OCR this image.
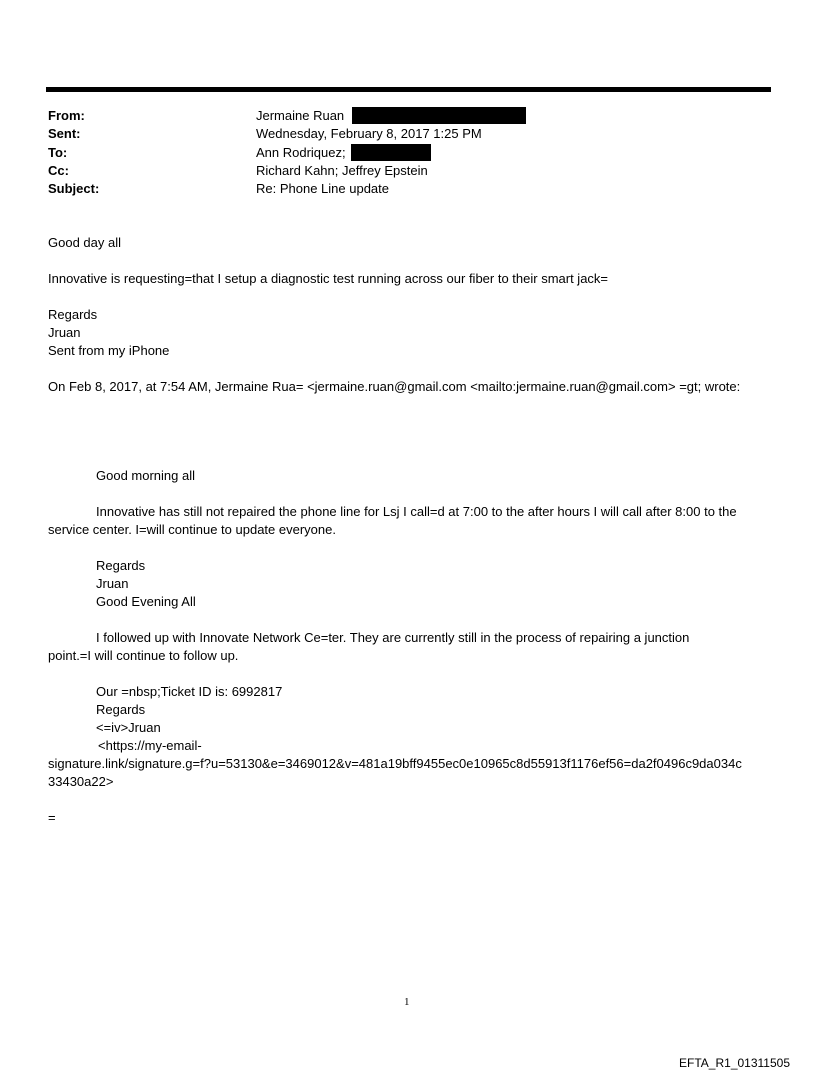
From:	Jermaine Ruan
Sent:	Wednesday, February 8, 2017 1:25 PM
To:	Ann Rodriquez;
Cc:	Richard Kahn; Jeffrey Epstein
Subject:	Re: Phone Line update
Good day all
Innovative is requesting=that I setup a diagnostic test running across our fiber to their smart jack=
Regards
Jruan
Sent from my iPhone
On Feb 8, 2017, at 7:54 AM, Jermaine Rua= <jermaine.ruan@gmail.com <mailto:jermaine.ruan@gmail.com> =gt; wrote:
Good morning all
Innovative has still not repaired the phone line for Lsj I call=d at 7:00 to the after hours I will call after 8:00 to the
service center. I=will continue to update everyone.
Regards
Jruan
Good Evening All
I followed up with Innovate Network Ce=ter. They are currently still in the process of repairing a junction
point.=I will continue to follow up.
Our =nbsp;Ticket ID is: 6992817
Regards
<=iv>Jruan
<https://my-email-
signature.link/signature.g=f?u=53130&e=3469012&v=481a19bff9455ec0e10965c8d55913f1176ef56=da2f0496c9da034c
33430a22>
=
1
EFTA_R1_01311505
